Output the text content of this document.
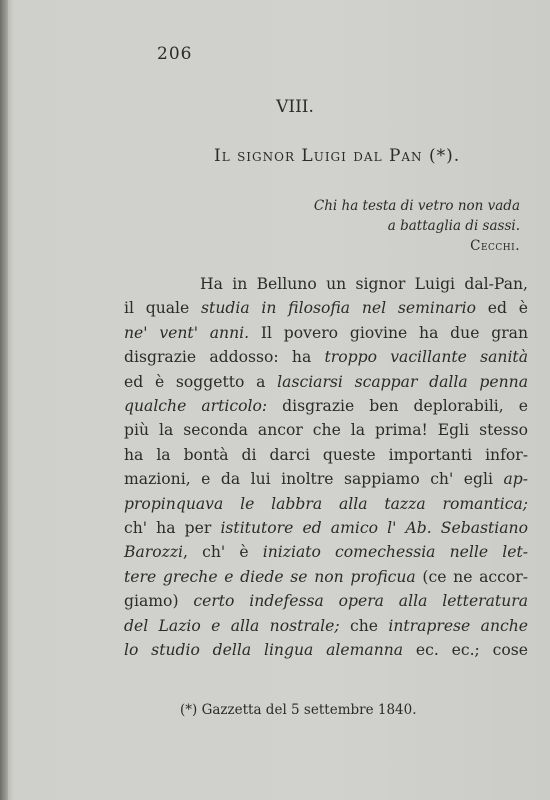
206
VIII.
Il signor Luigi dal Pan (*).
Chi ha testa di vetro non vada
a battaglia di sassi.
Cecchi.
Ha in Belluno un signor Luigi dal-Pan,
il quale studia in filosofia nel seminario ed è
ne' vent' anni. Il povero giovine ha due gran
disgrazie addosso: ha troppo vacillante sanità
ed è soggetto a lasciarsi scappar dalla penna
qualche articolo: disgrazie ben deplorabili, e
più la seconda ancor che la prima! Egli stesso
ha la bontà di darci queste importanti infor-
mazioni, e da lui inoltre sappiamo ch' egli ap-
propinquava le labbra alla tazza romantica;
ch' ha per istitutore ed amico l' Ab. Sebastiano
Barozzi, ch' è iniziato comechessia nelle let-
tere greche e diede se non proficua (ce ne accor-
giamo) certo indefessa opera alla letteratura
del Lazio e alla nostrale; che intraprese anche
lo studio della lingua alemanna ec. ec.; cose
(*) Gazzetta del 5 settembre 1840.
